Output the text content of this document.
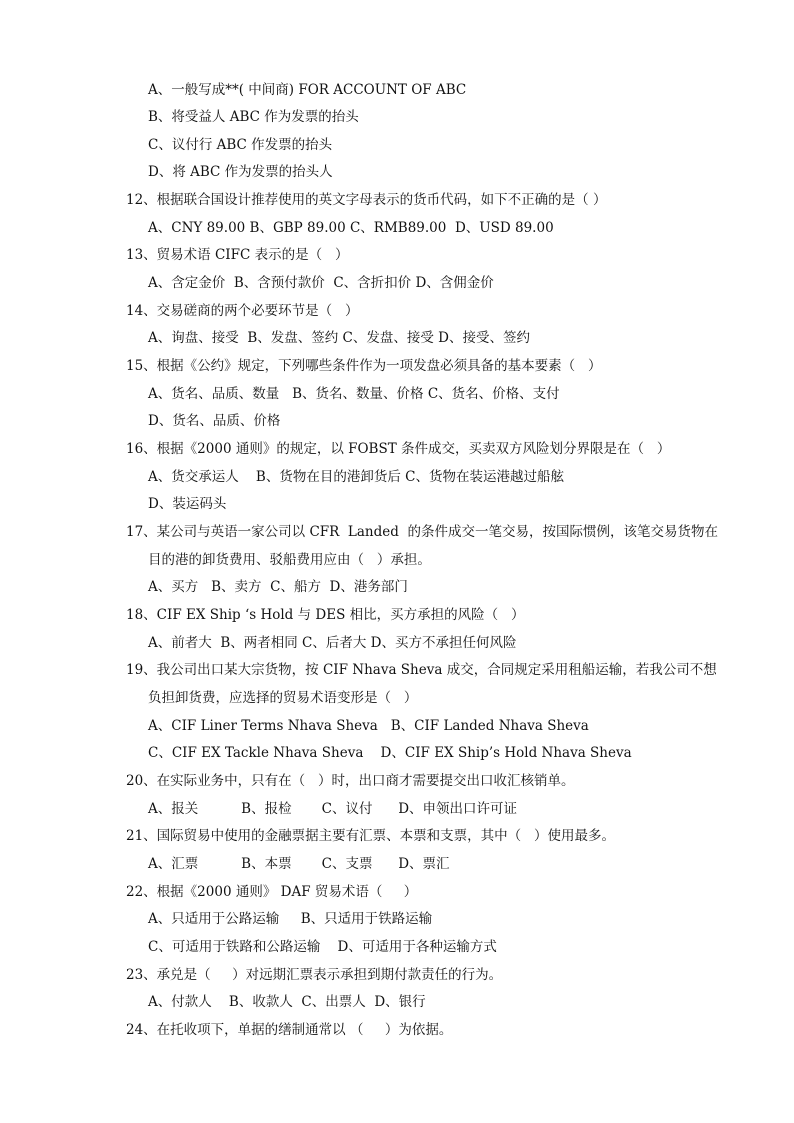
A、一般写成**( 中间商) FOR ACCOUNT OF ABC
B、将受益人 ABC 作为发票的抬头
C、议付行 ABC 作发票的抬头
D、将 ABC 作为发票的抬头人
12、根据联合国设计推荐使用的英文字母表示的货币代码，如下不正确的是（ ）
A、CNY 89.00 B、GBP 89.00 C、RMB89.00  D、USD 89.00
13、贸易术语 CIFC 表示的是（   ）
A、含定金价  B、含预付款价  C、含折扣价 D、含佣金价
14、交易磋商的两个必要环节是（   ）
A、询盘、接受  B、发盘、签约 C、发盘、接受 D、接受、签约
15、根据《公约》规定，下列哪些条件作为一项发盘必须具备的基本要素（   ）
A、货名、品质、数量   B、货名、数量、价格 C、货名、价格、支付
D、货名、品质、价格
16、根据《2000 通则》的规定，以 FOBST 条件成交，买卖双方风险划分界限是在（   ）
A、货交承运人    B、货物在目的港卸货后 C、货物在装运港越过船舷
D、装运码头
17、某公司与英语一家公司以 CFR  Landed  的条件成交一笔交易，按国际惯例，该笔交易货物在
目的港的卸货费用、驳船费用应由（   ）承担。
A、买方   B、卖方  C、船方  D、港务部门
18、CIF EX Ship ‘s Hold 与 DES 相比，买方承担的风险（   ）
A、前者大  B、两者相同 C、后者大 D、买方不承担任何风险
19、我公司出口某大宗货物，按 CIF Nhava Sheva 成交，合同规定采用租船运输，若我公司不想
负担卸货费，应选择的贸易术语变形是（   ）
A、CIF Liner Terms Nhava Sheva   B、CIF Landed Nhava Sheva
C、CIF EX Tackle Nhava Sheva    D、CIF EX Ship’s Hold Nhava Sheva
20、在实际业务中，只有在（   ）时，出口商才需要提交出口收汇核销单。
A、报关          B、报检       C、议付      D、申领出口许可证
21、国际贸易中使用的金融票据主要有汇票、本票和支票，其中（   ）使用最多。
A、汇票          B、本票       C、支票      D、票汇
22、根据《2000 通则》 DAF 贸易术语（     ）
A、只适用于公路运输     B、只适用于铁路运输
C、可适用于铁路和公路运输    D、可适用于各种运输方式
23、承兑是（     ）对远期汇票表示承担到期付款责任的行为。
A、付款人    B、收款人  C、出票人  D、银行
24、在托收项下，单据的缮制通常以 （     ）为依据。
